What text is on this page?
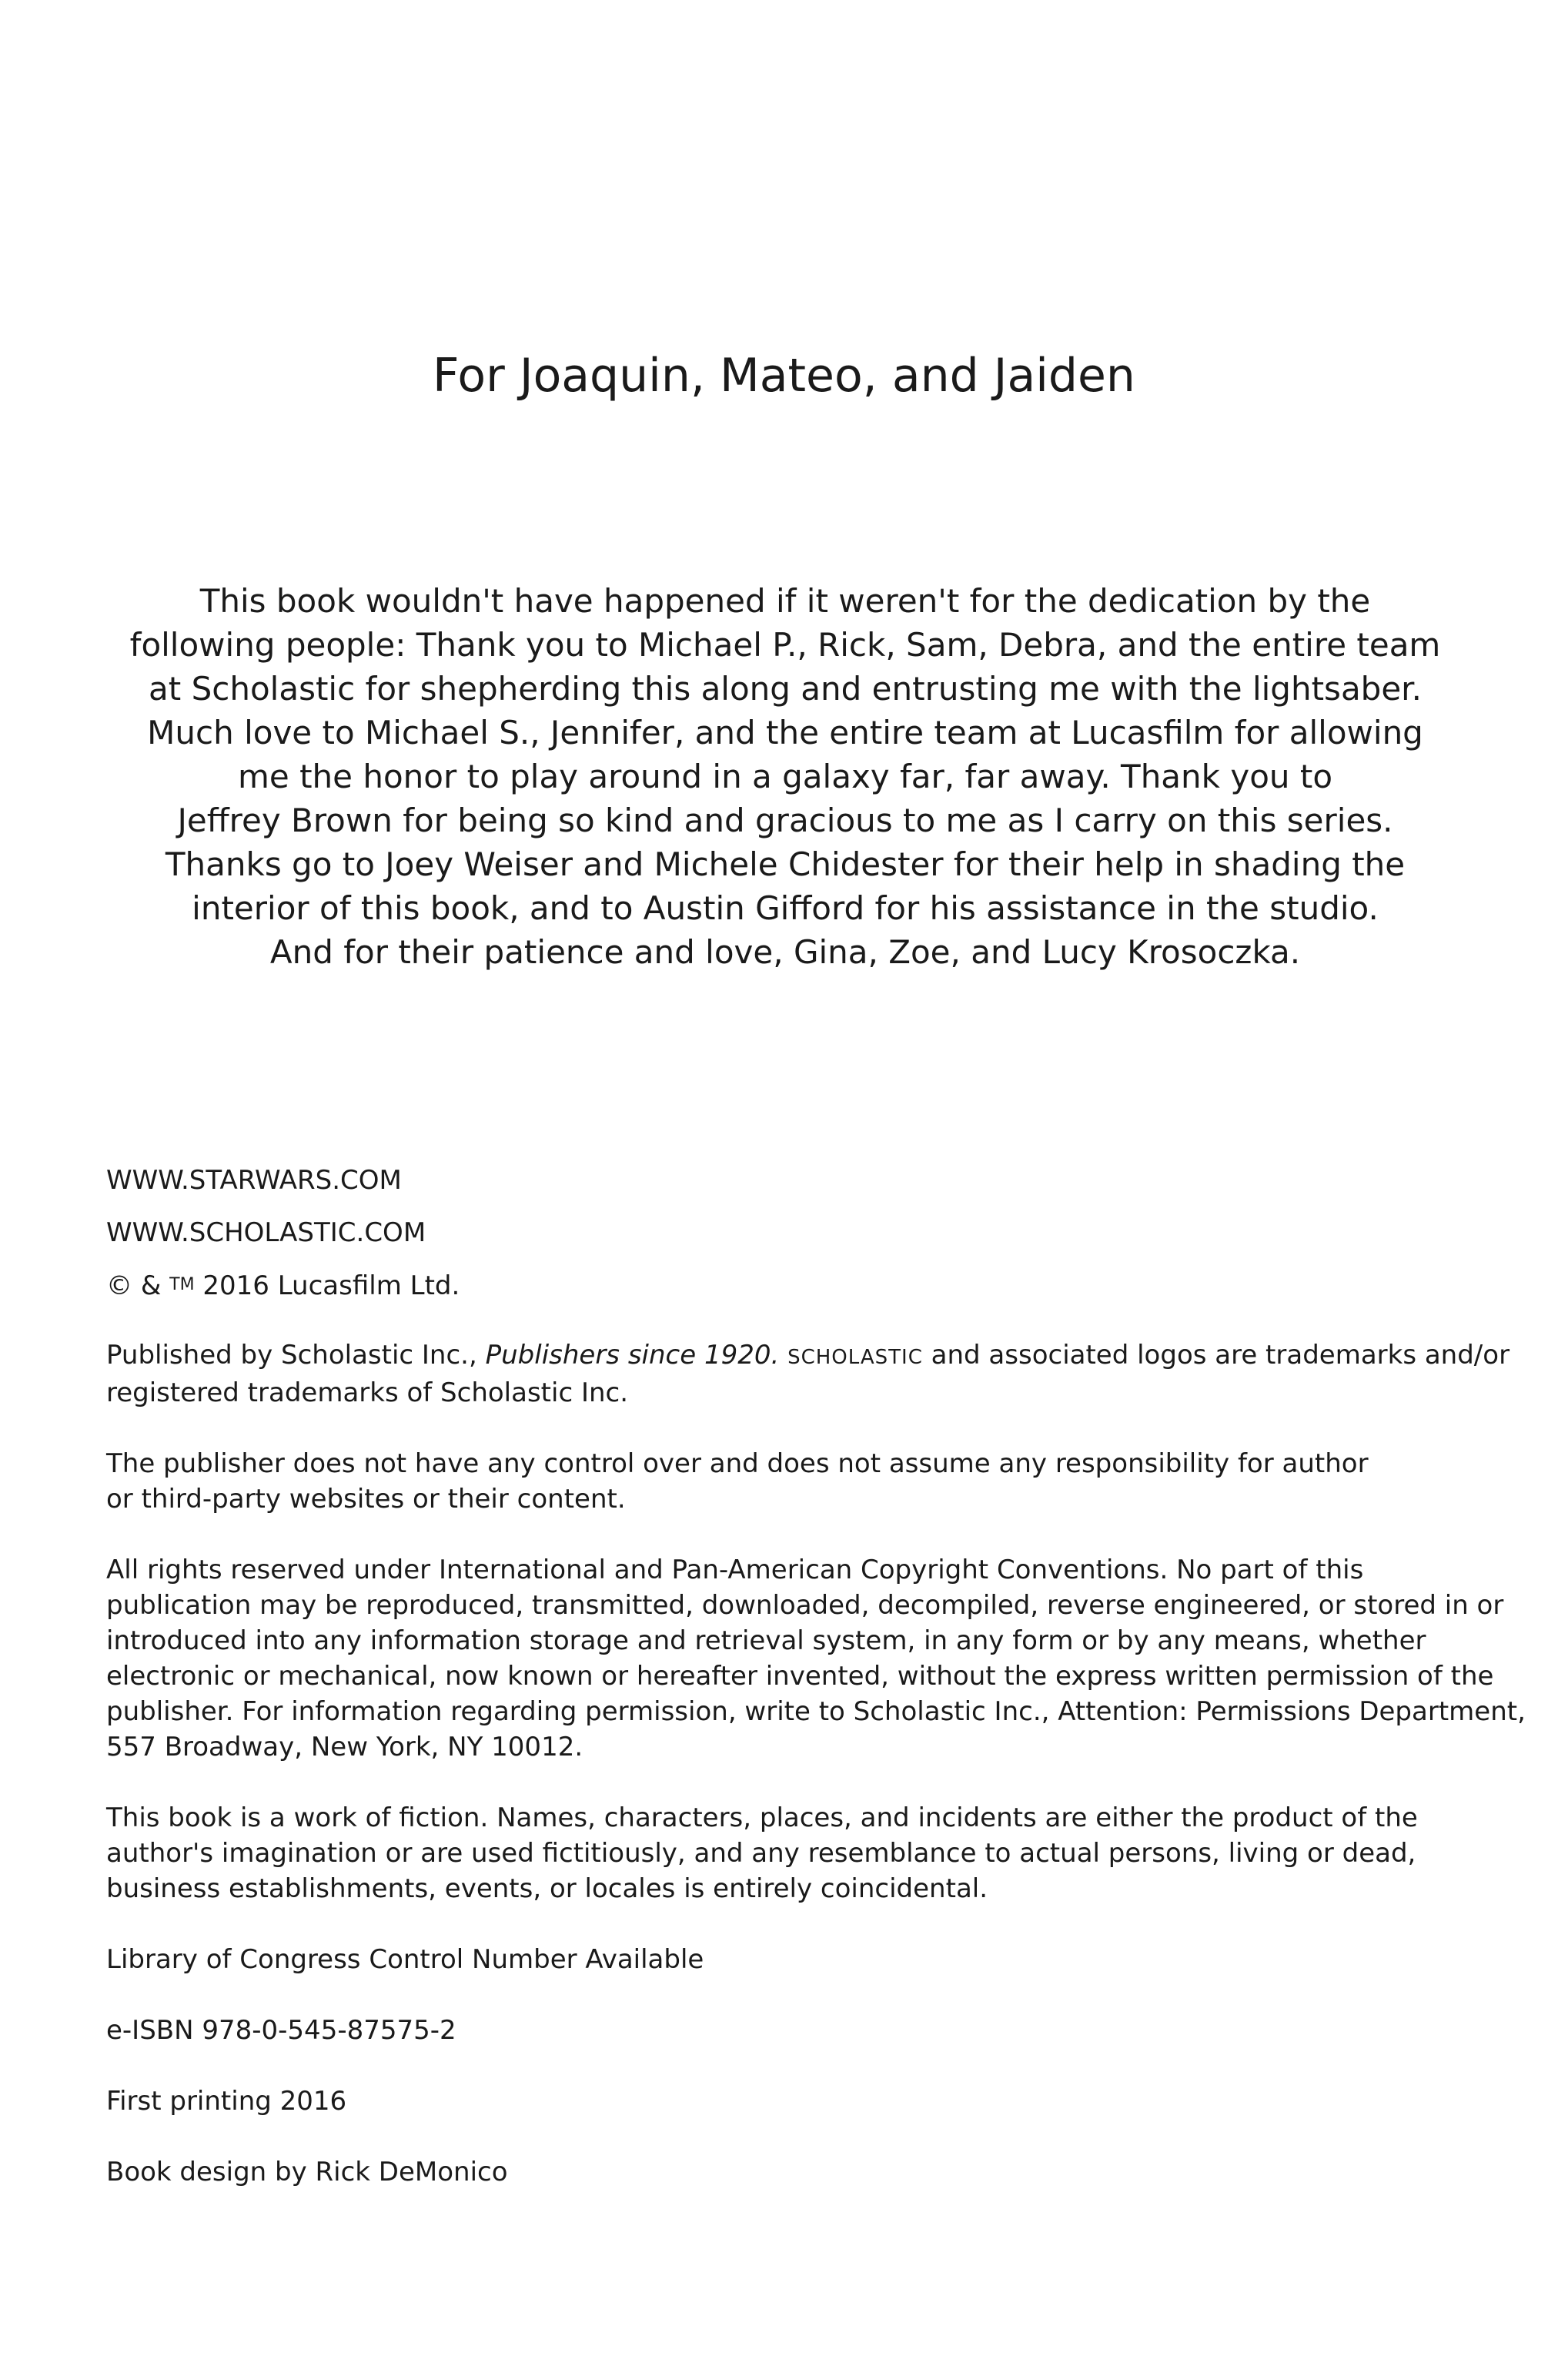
For Joaquin, Mateo, and Jaiden

This book wouldn't have happened if it weren't for the dedication by the
following people: Thank you to Michael P., Rick, Sam, Debra, and the entire team
at Scholastic for shepherding this along and entrusting me with the lightsaber.
Much love to Michael S., Jennifer, and the entire team at Lucasfilm for allowing
me the honor to play around in a galaxy far, far away. Thank you to
Jeffrey Brown for being so kind and gracious to me as I carry on this series.
Thanks go to Joey Weiser and Michele Chidester for their help in shading the
interior of this book, and to Austin Gifford for his assistance in the studio.
And for their patience and love, Gina, Zoe, and Lucy Krosoczka.

WWW.STARWARS.COM

WWW.SCHOLASTIC.COM

© & TM 2016 Lucasfilm Ltd.

Published by Scholastic Inc., Publishers since 1920. SCHOLASTIC and associated logos are trademarks and/or

registered trademarks of Scholastic Inc.

The publisher does not have any control over and does not assume any responsibility for author

or third-party websites or their content.

All rights reserved under International and Pan-American Copyright Conventions. No part of this

publication may be reproduced, transmitted, downloaded, decompiled, reverse engineered, or stored in or

introduced into any information storage and retrieval system, in any form or by any means, whether

electronic or mechanical, now known or hereafter invented, without the express written permission of the

publisher. For information regarding permission, write to Scholastic Inc., Attention: Permissions Department,

557 Broadway, New York, NY 10012.

This book is a work of fiction. Names, characters, places, and incidents are either the product of the

author's imagination or are used fictitiously, and any resemblance to actual persons, living or dead,

business establishments, events, or locales is entirely coincidental.

Library of Congress Control Number Available

e-ISBN 978-0-545-87575-2

First printing 2016

Book design by Rick DeMonico
